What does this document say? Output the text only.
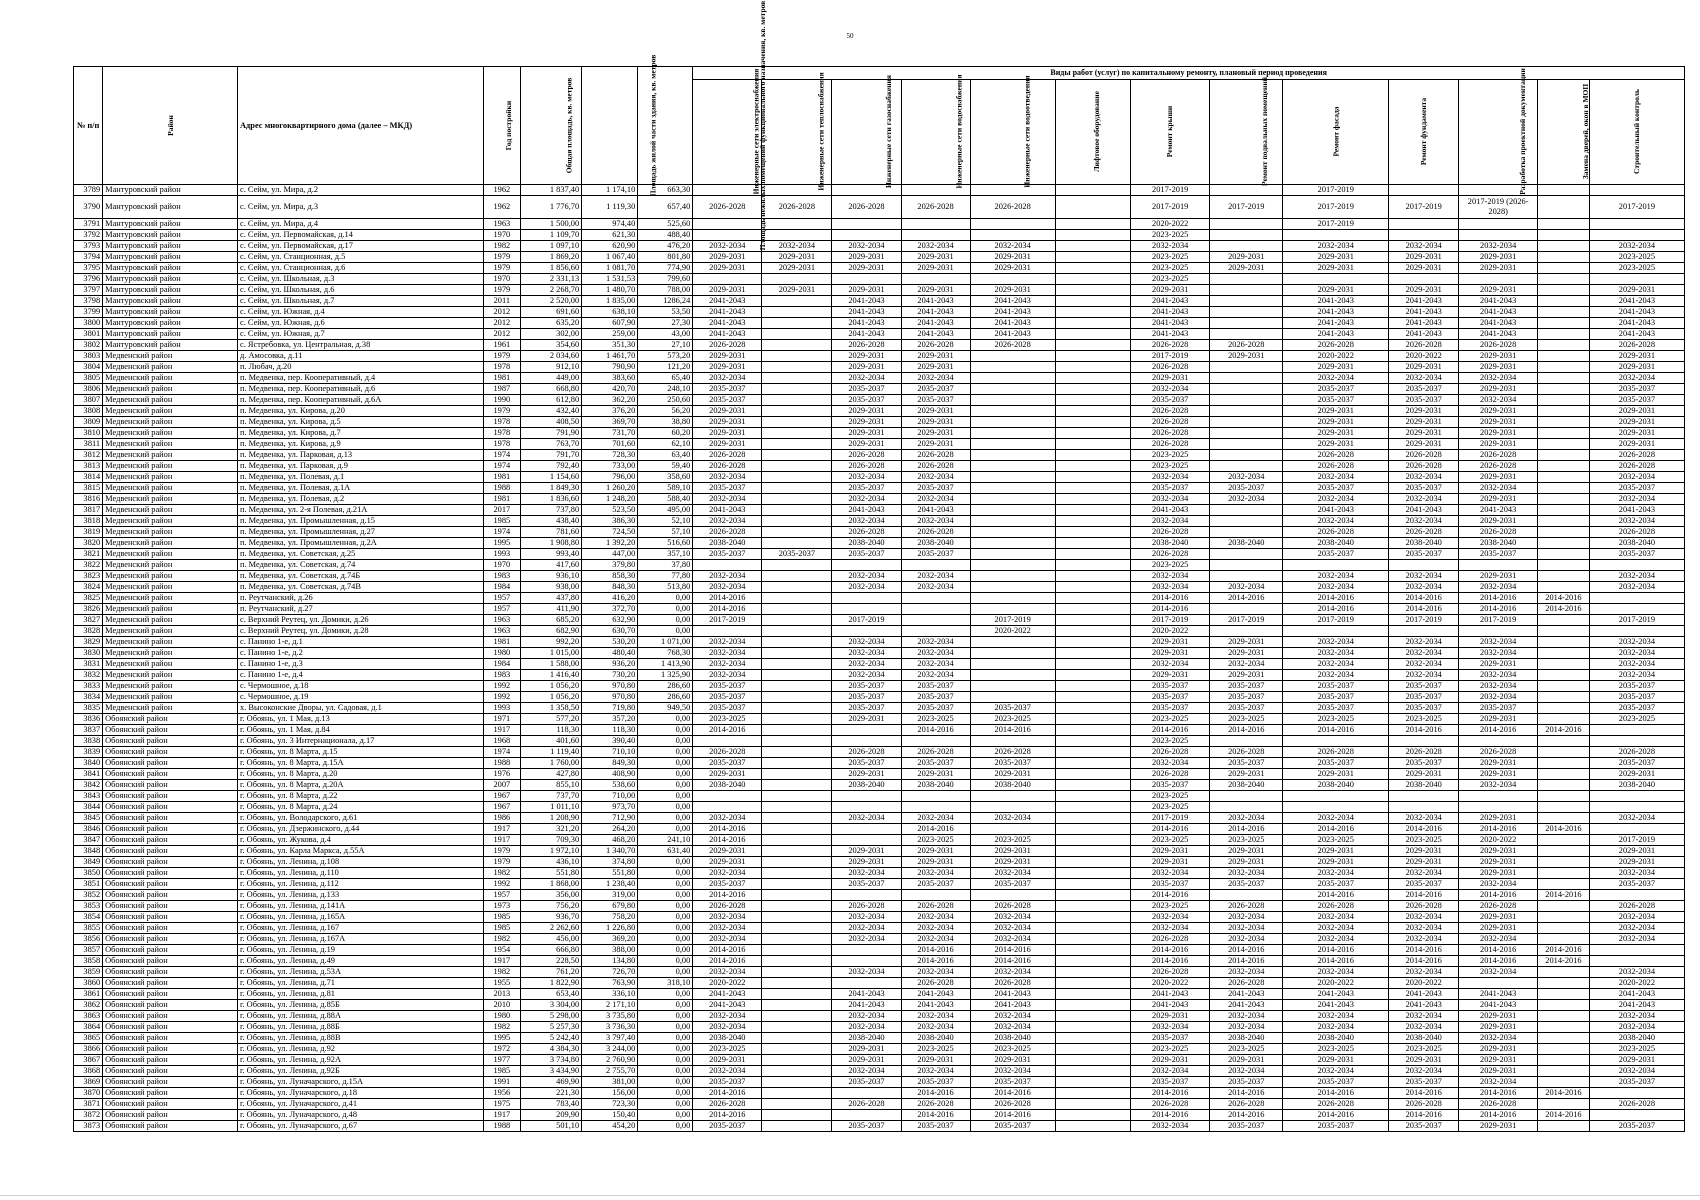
50
№ п/п	Район	Адрес многоквартирного дома (далее – МКД)	Год постройки	Общая площадь, кв. метров	Площадь жилой части здания, кв. метров	Площадь нежилых помещений функционального назначения, кв. метров	Виды работ (услуг) по капитальному ремонту, плановый период проведения												
							Инженерные сети электроснабжения	Инженерные сети теплоснабжения	Инженерные сети газоснабжения	Инженерные сети водоснабжения	Инженерные сети водоотведения	Лифтовое оборудование	Ремонт крыши	Ремонт подвальных помещений	Ремонт фасада	Ремонт фундамента	Разработка проектной документации	Замена дверей, окон в МОП	Строительный контроль
3789	Мантуровский район	с. Сейм, ул. Мира, д.2	1962	1 837,40	1 174,10	663,30							2017-2019		2017-2019				
3790	Мантуровский район	с. Сейм, ул. Мира, д.3	1962	1 776,70	1 119,30	657,40	2026-2028	2026-2028	2026-2028	2026-2028	2026-2028		2017-2019	2017-2019	2017-2019	2017-2019	2017-2019 (2026-2028)		2017-2019
3791	Мантуровский район	с. Сейм, ул. Мира, д.4	1963	1 500,00	974,40	525,60							2020-2022		2017-2019				
3792	Мантуровский район	с. Сейм, ул. Первомайская, д.14	1970	1 109,70	621,30	488,40							2023-2025						
3793	Мантуровский район	с. Сейм, ул. Первомайская, д.17	1982	1 097,10	620,90	476,20	2032-2034	2032-2034	2032-2034	2032-2034	2032-2034		2032-2034		2032-2034	2032-2034	2032-2034		2032-2034
3794	Мантуровский район	с. Сейм, ул. Станционная, д.5	1979	1 869,20	1 067,40	801,80	2029-2031	2029-2031	2029-2031	2029-2031	2029-2031		2023-2025	2029-2031	2029-2031	2029-2031	2029-2031		2023-2025
3795	Мантуровский район	с. Сейм, ул. Станционная, д.6	1979	1 856,60	1 081,70	774,90	2029-2031	2029-2031	2029-2031	2029-2031	2029-2031		2023-2025	2029-2031	2029-2031	2029-2031	2029-2031		2023-2025
3796	Мантуровский район	с. Сейм, ул. Школьная, д.3	1970	2 331,13	1 531,53	799,60							2023-2025						
3797	Мантуровский район	с. Сейм, ул. Школьная, д.6	1979	2 268,70	1 480,70	788,00	2029-2031	2029-2031	2029-2031	2029-2031	2029-2031		2029-2031		2029-2031	2029-2031	2029-2031		2029-2031
3798	Мантуровский район	с. Сейм, ул. Школьная, д.7	2011	2 520,00	1 835,00	1286,24	2041-2043		2041-2043	2041-2043	2041-2043		2041-2043		2041-2043	2041-2043	2041-2043		2041-2043
3799	Мантуровский район	с. Сейм, ул. Южная, д.4	2012	691,60	638,10	53,50	2041-2043		2041-2043	2041-2043	2041-2043		2041-2043		2041-2043	2041-2043	2041-2043		2041-2043
3800	Мантуровский район	с. Сейм, ул. Южная, д.6	2012	635,20	607,90	27,30	2041-2043		2041-2043	2041-2043	2041-2043		2041-2043		2041-2043	2041-2043	2041-2043		2041-2043
3801	Мантуровский район	с. Сейм, ул. Южная, д.7	2012	302,00	259,00	43,00	2041-2043		2041-2043	2041-2043	2041-2043		2041-2043		2041-2043	2041-2043	2041-2043		2041-2043
3802	Мантуровский район	с. Ястребовка, ул. Центральная, д.38	1961	354,60	351,30	27,10	2026-2028		2026-2028	2026-2028	2026-2028		2026-2028	2026-2028	2026-2028	2026-2028	2026-2028		2026-2028
3803	Медвенский район	д. Амосовка, д.11	1979	2 034,60	1 461,70	573,20	2029-2031		2029-2031	2029-2031			2017-2019	2029-2031	2020-2022	2020-2022	2029-2031		2029-2031
3804	Медвенский район	п. Любач, д.20	1978	912,10	790,90	121,20	2029-2031		2029-2031	2029-2031			2026-2028		2029-2031	2029-2031	2029-2031		2029-2031
3805	Медвенский район	п. Медвенка, пер. Кооперативный, д.4	1981	449,00	383,60	65,40	2032-2034		2032-2034	2032-2034			2029-2031		2032-2034	2032-2034	2032-2034		2032-2034
3806	Медвенский район	п. Медвенка, пер. Кооперативный, д.6	1987	668,80	420,70	248,10	2035-2037		2035-2037	2035-2037			2032-2034		2035-2037	2035-2037	2029-2031		2035-2037
3807	Медвенский район	п. Медвенка, пер. Кооперативный, д.6А	1990	612,80	362,20	250,60	2035-2037		2035-2037	2035-2037			2035-2037		2035-2037	2035-2037	2032-2034		2035-2037
3808	Медвенский район	п. Медвенка, ул. Кирова, д.20	1979	432,40	376,20	56,20	2029-2031		2029-2031	2029-2031			2026-2028		2029-2031	2029-2031	2029-2031		2029-2031
3809	Медвенский район	п. Медвенка, ул. Кирова, д.5	1978	408,50	369,70	38,80	2029-2031		2029-2031	2029-2031			2026-2028		2029-2031	2029-2031	2029-2031		2029-2031
3810	Медвенский район	п. Медвенка, ул. Кирова, д.7	1978	791,90	731,70	60,20	2029-2031		2029-2031	2029-2031			2026-2028		2029-2031	2029-2031	2029-2031		2029-2031
3811	Медвенский район	п. Медвенка, ул. Кирова, д.9	1978	763,70	701,60	62,10	2029-2031		2029-2031	2029-2031			2026-2028		2029-2031	2029-2031	2029-2031		2029-2031
3812	Медвенский район	п. Медвенка, ул. Парковая, д.13	1974	791,70	728,30	63,40	2026-2028		2026-2028	2026-2028			2023-2025		2026-2028	2026-2028	2026-2028		2026-2028
3813	Медвенский район	п. Медвенка, ул. Парковая, д.9	1974	792,40	733,00	59,40	2026-2028		2026-2028	2026-2028			2023-2025		2026-2028	2026-2028	2026-2028		2026-2028
3814	Медвенский район	п. Медвенка, ул. Полевая, д.1	1981	1 154,60	796,00	358,60	2032-2034		2032-2034	2032-2034			2032-2034	2032-2034	2032-2034	2032-2034	2029-2031		2032-2034
3815	Медвенский район	п. Медвенка, ул. Полевая, д.1А	1988	1 849,30	1 260,20	589,10	2035-2037		2035-2037	2035-2037			2035-2037	2035-2037	2035-2037	2035-2037	2032-2034		2035-2037
3816	Медвенский район	п. Медвенка, ул. Полевая, д.2	1981	1 836,60	1 248,20	588,40	2032-2034		2032-2034	2032-2034			2032-2034	2032-2034	2032-2034	2032-2034	2029-2031		2032-2034
3817	Медвенский район	п. Медвенка, ул. 2-я Полевая, д.21А	2017	737,80	523,50	495,00	2041-2043		2041-2043	2041-2043			2041-2043		2041-2043	2041-2043	2041-2043		2041-2043
3818	Медвенский район	п. Медвенка, ул. Промышленная, д.15	1985	438,40	386,30	52,10	2032-2034		2032-2034	2032-2034			2032-2034		2032-2034	2032-2034	2029-2031		2032-2034
3819	Медвенский район	п. Медвенка, ул. Промышленная, д.27	1974	781,60	724,50	57,10	2026-2028		2026-2028	2026-2028			2026-2028		2026-2028	2026-2028	2026-2028		2026-2028
3820	Медвенский район	п. Медвенка, ул. Промышленная, д.2А	1995	1 908,80	1 392,20	516,60	2038-2040		2038-2040	2038-2040			2038-2040	2038-2040	2038-2040	2038-2040	2038-2040		2038-2040
3821	Медвенский район	п. Медвенка, ул. Советская, д.25	1993	993,40	447,00	357,10	2035-2037	2035-2037	2035-2037	2035-2037			2026-2028		2035-2037	2035-2037	2035-2037		2035-2037
3822	Медвенский район	п. Медвенка, ул. Советская, д.74	1970	417,60	379,80	37,80							2023-2025						
3823	Медвенский район	п. Медвенка, ул. Советская, д.74Б	1983	936,10	858,30	77,80	2032-2034		2032-2034	2032-2034			2032-2034		2032-2034	2032-2034	2029-2031		2032-2034
3824	Медвенский район	п. Медвенка, ул. Советская, д.74В	1984	938,00	848,30	513,80	2032-2034		2032-2034	2032-2034			2032-2034	2032-2034	2032-2034	2032-2034	2032-2034		2032-2034
3825	Медвенский район	п. Реутчанский, д.26	1957	437,80	416,20	0,00	2014-2016						2014-2016	2014-2016	2014-2016	2014-2016	2014-2016	2014-2016	
3826	Медвенский район	п. Реутчанский, д.27	1957	411,90	372,70	0,00	2014-2016						2014-2016		2014-2016	2014-2016	2014-2016	2014-2016	
3827	Медвенский район	с. Верхний Реутец, ул. Домики, д.26	1963	685,20	632,90	0,00	2017-2019		2017-2019		2017-2019		2017-2019	2017-2019	2017-2019	2017-2019	2017-2019		2017-2019
3828	Медвенский район	с. Верхний Реутец, ул. Домики, д.28	1963	682,90	630,70	0,00					2020-2022		2020-2022						
3829	Медвенский район	с. Панино 1-е, д.1	1981	992,20	530,20	1 071,00	2032-2034		2032-2034	2032-2034			2029-2031	2029-2031	2032-2034	2032-2034	2032-2034		2032-2034
3830	Медвенский район	с. Панино 1-е, д.2	1980	1 015,00	480,40	768,30	2032-2034		2032-2034	2032-2034			2029-2031	2029-2031	2032-2034	2032-2034	2032-2034		2032-2034
3831	Медвенский район	с. Панино 1-е, д.3	1984	1 588,00	936,20	1 413,90	2032-2034		2032-2034	2032-2034			2032-2034	2032-2034	2032-2034	2032-2034	2029-2031		2032-2034
3832	Медвенский район	с. Панино 1-е, д.4	1983	1 416,40	730,20	1 325,90	2032-2034		2032-2034	2032-2034			2029-2031	2029-2031	2032-2034	2032-2034	2032-2034		2032-2034
3833	Медвенский район	с. Чермошное, д.18	1992	1 056,20	970,80	286,60	2035-2037		2035-2037	2035-2037			2035-2037	2035-2037	2035-2037	2035-2037	2032-2034		2035-2037
3834	Медвенский район	с. Чермошное, д.19	1992	1 056,20	970,80	286,60	2035-2037		2035-2037	2035-2037			2035-2037	2035-2037	2035-2037	2035-2037	2032-2034		2035-2037
3835	Медвенский район	х. Высоконские Дворы, ул. Садовая, д.1	1993	1 358,50	719,80	949,50	2035-2037		2035-2037	2035-2037	2035-2037		2035-2037	2035-2037	2035-2037	2035-2037	2035-2037		2035-2037
3836	Обоянский район	г. Обоянь, ул. 1 Мая, д.13	1971	577,20	357,20	0,00	2023-2025		2029-2031	2023-2025	2023-2025		2023-2025	2023-2025	2023-2025	2023-2025	2029-2031		2023-2025
3837	Обоянский район	г. Обоянь, ул. 1 Мая, д.84	1917	118,30	118,30	0,00	2014-2016			2014-2016	2014-2016		2014-2016	2014-2016	2014-2016	2014-2016	2014-2016	2014-2016	
3838	Обоянский район	г. Обоянь, ул. 3 Интернационала, д.17	1968	401,60	390,40	0,00							2023-2025						
3839	Обоянский район	г. Обоянь, ул. 8 Марта, д.15	1974	1 119,40	710,10	0,00	2026-2028		2026-2028	2026-2028	2026-2028		2026-2028	2026-2028	2026-2028	2026-2028	2026-2028		2026-2028
3840	Обоянский район	г. Обоянь, ул. 8 Марта, д.15А	1988	1 760,00	849,30	0,00	2035-2037		2035-2037	2035-2037	2035-2037		2032-2034	2035-2037	2035-2037	2035-2037	2029-2031		2035-2037
3841	Обоянский район	г. Обоянь, ул. 8 Марта, д.20	1976	427,80	408,90	0,00	2029-2031		2029-2031	2029-2031	2029-2031		2026-2028	2029-2031	2029-2031	2029-2031	2029-2031		2029-2031
3842	Обоянский район	г. Обоянь, ул. 8 Марта, д.20А	2007	855,10	538,60	0,00	2038-2040		2038-2040	2038-2040	2038-2040		2035-2037	2038-2040	2038-2040	2038-2040	2032-2034		2038-2040
3843	Обоянский район	г. Обоянь, ул. 8 Марта, д.22	1967	737,70	710,00	0,00							2023-2025						
3844	Обоянский район	г. Обоянь, ул. 8 Марта, д.24	1967	1 011,10	973,70	0,00							2023-2025						
3845	Обоянский район	г. Обоянь, ул. Володарского, д.61	1986	1 208,90	712,90	0,00	2032-2034		2032-2034	2032-2034	2032-2034		2017-2019	2032-2034	2032-2034	2032-2034	2029-2031		2032-2034
3846	Обоянский район	г. Обоянь, ул. Дзержинского, д.44	1917	321,20	264,20	0,00	2014-2016			2014-2016			2014-2016	2014-2016	2014-2016	2014-2016	2014-2016	2014-2016	
3847	Обоянский район	г. Обоянь, ул. Жукова, д.4	1917	709,30	468,20	241,10	2014-2016			2023-2025	2023-2025		2023-2025	2023-2025	2023-2025	2023-2025	2020-2022		2017-2019
3848	Обоянский район	г. Обоянь, ул. Карла Маркса, д.55А	1979	1 972,10	1 340,70	631,40	2029-2031		2029-2031	2029-2031	2029-2031		2029-2031	2029-2031	2029-2031	2029-2031	2029-2031		2029-2031
3849	Обоянский район	г. Обоянь, ул. Ленина, д.108	1979	436,10	374,80	0,00	2029-2031		2029-2031	2029-2031	2029-2031		2029-2031	2029-2031	2029-2031	2029-2031	2029-2031		2029-2031
3850	Обоянский район	г. Обоянь, ул. Ленина, д.110	1982	551,80	551,80	0,00	2032-2034		2032-2034	2032-2034	2032-2034		2032-2034	2032-2034	2032-2034	2032-2034	2029-2031		2032-2034
3851	Обоянский район	г. Обоянь, ул. Ленина, д.112	1992	1 868,00	1 238,40	0,00	2035-2037		2035-2037	2035-2037	2035-2037		2035-2037	2035-2037	2035-2037	2035-2037	2032-2034		2035-2037
3852	Обоянский район	г. Обоянь, ул. Ленина, д.133	1957	356,00	319,00	0,00	2014-2016						2014-2016		2014-2016	2014-2016	2014-2016	2014-2016	
3853	Обоянский район	г. Обоянь, ул. Ленина, д.141А	1973	756,20	679,80	0,00	2026-2028		2026-2028	2026-2028	2026-2028		2023-2025	2026-2028	2026-2028	2026-2028	2026-2028		2026-2028
3854	Обоянский район	г. Обоянь, ул. Ленина, д.165А	1985	936,70	758,20	0,00	2032-2034		2032-2034	2032-2034	2032-2034		2032-2034	2032-2034	2032-2034	2032-2034	2029-2031		2032-2034
3855	Обоянский район	г. Обоянь, ул. Ленина, д.167	1985	2 262,60	1 226,80	0,00	2032-2034		2032-2034	2032-2034	2032-2034		2032-2034	2032-2034	2032-2034	2032-2034	2029-2031		2032-2034
3856	Обоянский район	г. Обоянь, ул. Ленина, д.167А	1982	456,00	369,20	0,00	2032-2034		2032-2034	2032-2034	2032-2034		2026-2028	2032-2034	2032-2034	2032-2034	2032-2034		2032-2034
3857	Обоянский район	г. Обоянь, ул. Ленина, д.19	1954	666,80	388,00	0,00	2014-2016			2014-2016	2014-2016		2014-2016	2014-2016	2014-2016	2014-2016	2014-2016	2014-2016	
3858	Обоянский район	г. Обоянь, ул. Ленина, д.49	1917	228,50	134,80	0,00	2014-2016			2014-2016	2014-2016		2014-2016	2014-2016	2014-2016	2014-2016	2014-2016	2014-2016	
3859	Обоянский район	г. Обоянь, ул. Ленина, д.53А	1982	761,20	726,70	0,00	2032-2034		2032-2034	2032-2034	2032-2034		2026-2028	2032-2034	2032-2034	2032-2034	2032-2034		2032-2034
3860	Обоянский район	г. Обоянь, ул. Ленина, д.71	1955	1 822,90	763,90	318,10	2020-2022			2026-2028	2026-2028		2020-2022	2026-2028	2020-2022	2020-2022			2020-2022
3861	Обоянский район	г. Обоянь, ул. Ленина, д.81	2013	653,40	336,10	0,00	2041-2043		2041-2043	2041-2043	2041-2043		2041-2043	2041-2043	2041-2043	2041-2043	2041-2043		2041-2043
3862	Обоянский район	г. Обоянь, ул. Ленина, д.85Б	2010	3 304,00	2 171,10	0,00	2041-2043		2041-2043	2041-2043	2041-2043		2041-2043	2041-2043	2041-2043	2041-2043	2041-2043		2041-2043
3863	Обоянский район	г. Обоянь, ул. Ленина, д.88А	1980	5 298,00	3 735,80	0,00	2032-2034		2032-2034	2032-2034	2032-2034		2029-2031	2032-2034	2032-2034	2032-2034	2029-2031		2032-2034
3864	Обоянский район	г. Обоянь, ул. Ленина, д.88Б	1982	5 257,30	3 736,30	0,00	2032-2034		2032-2034	2032-2034	2032-2034		2032-2034	2032-2034	2032-2034	2032-2034	2029-2031		2032-2034
3865	Обоянский район	г. Обоянь, ул. Ленина, д.88В	1995	5 242,40	3 797,40	0,00	2038-2040		2038-2040	2038-2040	2038-2040		2035-2037	2038-2040	2038-2040	2038-2040	2032-2034		2038-2040
3866	Обоянский район	г. Обоянь, ул. Ленина, д.92	1972	4 384,30	3 244,00	0,00	2023-2025		2029-2031	2023-2025	2023-2025		2023-2025	2023-2025	2023-2025	2023-2025	2029-2031		2023-2025
3867	Обоянский район	г. Обоянь, ул. Ленина, д.92А	1977	3 734,80	2 760,90	0,00	2029-2031		2029-2031	2029-2031	2029-2031		2029-2031	2029-2031	2029-2031	2029-2031	2029-2031		2029-2031
3868	Обоянский район	г. Обоянь, ул. Ленина, д.92Б	1985	3 434,90	2 755,70	0,00	2032-2034		2032-2034	2032-2034	2032-2034		2032-2034	2032-2034	2032-2034	2032-2034	2029-2031		2032-2034
3869	Обоянский район	г. Обоянь, ул. Луначарского, д.15А	1991	469,90	381,00	0,00	2035-2037		2035-2037	2035-2037	2035-2037		2035-2037	2035-2037	2035-2037	2035-2037	2032-2034		2035-2037
3870	Обоянский район	г. Обоянь, ул. Луначарского, д.18	1956	221,30	156,00	0,00	2014-2016			2014-2016	2014-2016		2014-2016	2014-2016	2014-2016	2014-2016	2014-2016	2014-2016	
3871	Обоянский район	г. Обоянь, ул. Луначарского, д.41	1975	783,40	723,30	0,00	2026-2028		2026-2028	2026-2028	2026-2028		2026-2028	2026-2028	2026-2028	2026-2028	2026-2028		2026-2028
3872	Обоянский район	г. Обоянь, ул. Луначарского, д.48	1917	209,90	150,40	0,00	2014-2016			2014-2016	2014-2016		2014-2016	2014-2016	2014-2016	2014-2016	2014-2016	2014-2016	
3873	Обоянский район	г. Обоянь, ул. Луначарского, д.67	1988	501,10	454,20	0,00	2035-2037		2035-2037	2035-2037	2035-2037		2032-2034	2035-2037	2035-2037	2035-2037	2029-2031		2035-2037
